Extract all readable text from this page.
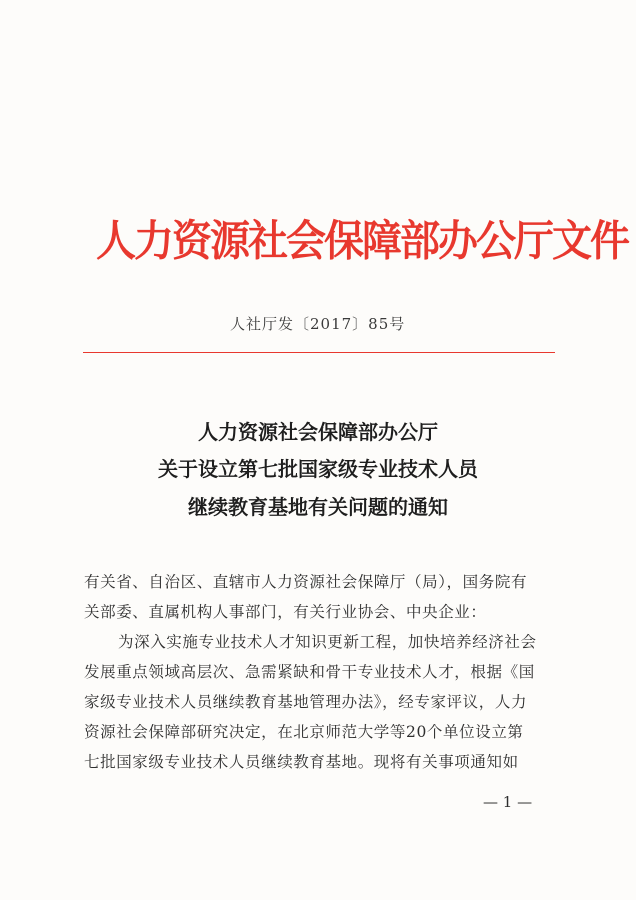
人力资源社会保障部办公厅文件
人社厅发〔2017〕85号
人力资源社会保障部办公厅
关于设立第七批国家级专业技术人员
继续教育基地有关问题的通知
有关省、自治区、直辖市人力资源社会保障厅（局），国务院有
关部委、直属机构人事部门，有关行业协会、中央企业：
为深入实施专业技术人才知识更新工程，加快培养经济社会
发展重点领域高层次、急需紧缺和骨干专业技术人才，根据《国
家级专业技术人员继续教育基地管理办法》，经专家评议，人力
资源社会保障部研究决定，在北京师范大学等20个单位设立第
七批国家级专业技术人员继续教育基地。现将有关事项通知如
— 1 —
